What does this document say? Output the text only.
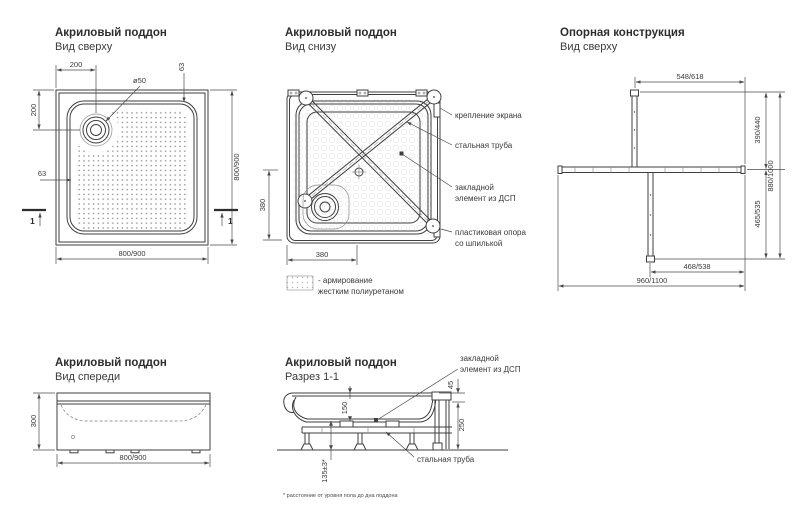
Акриловый поддон
Вид сверху
200
200
ø50
63
63	800/900
800/900
1	1
Акриловый поддон
Вид снизу
крепление экрана
стальная труба
закладной
элемент из ДСП
пластиковая опора
со шпилькой
380
380
- армирование
жестким полиуретаном
Опорная конструкция
Вид сверху
548/618
390/440
465/535
880/1000
468/538
960/1100
Акриловый поддон
Вид спереди
300
800/900
Акриловый поддон
Разрез 1-1
150
135±3*
45
250
закладной
элемент из ДСП
стальная труба
* расстояние от уровня пола до дна поддона
